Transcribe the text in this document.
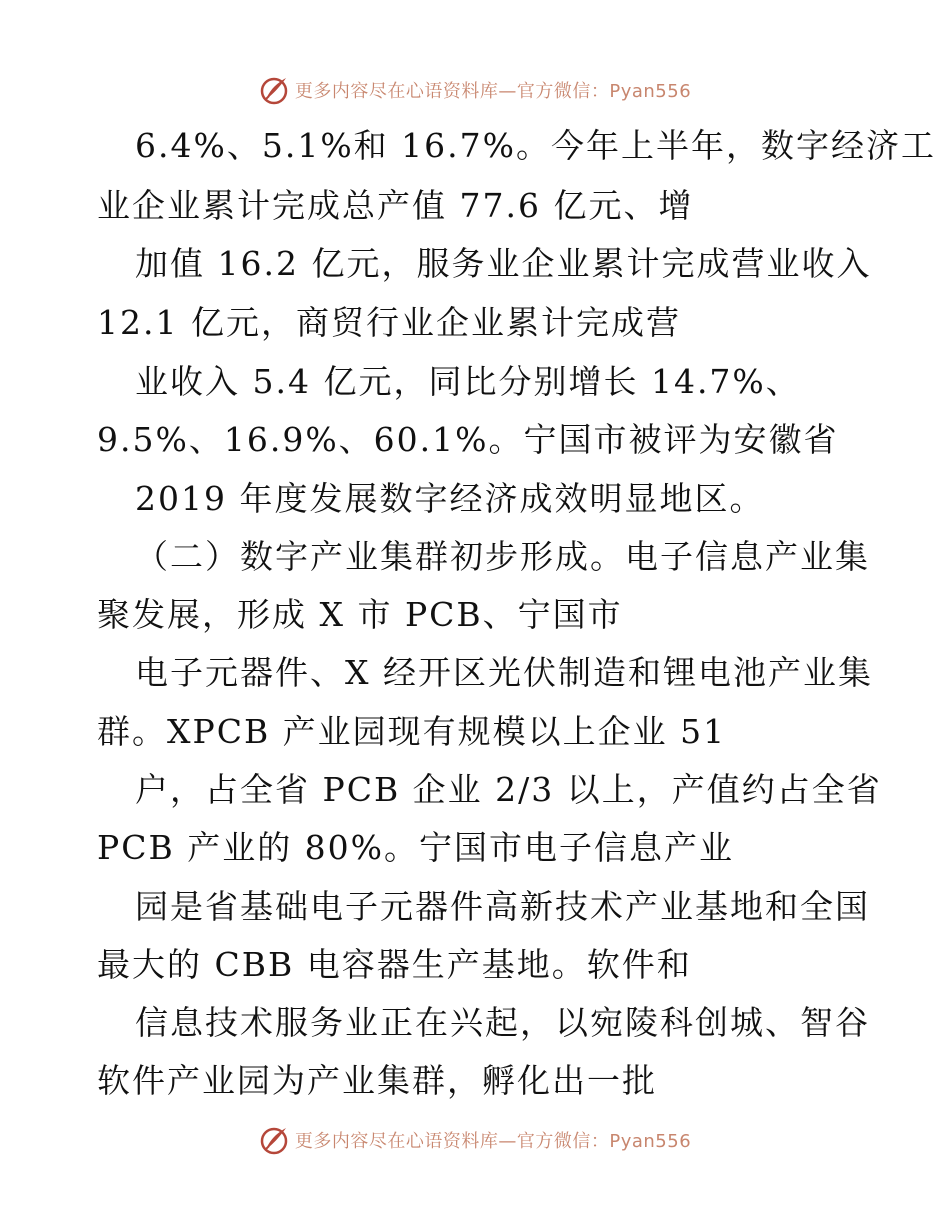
更多内容尽在心语资料库—官方微信：Pyan556
6.4%、5.1%和 16.7%。今年上半年，数字经济工
业企业累计完成总产值 77.6 亿元、增
加值 16.2 亿元，服务业企业累计完成营业收入
12.1 亿元，商贸行业企业累计完成营
业收入 5.4 亿元，同比分别增长 14.7%、
9.5%、16.9%、60.1%。宁国市被评为安徽省
2019 年度发展数字经济成效明显地区。
（二）数字产业集群初步形成。电子信息产业集
聚发展，形成 X 市 PCB、宁国市
电子元器件、X 经开区光伏制造和锂电池产业集
群。XPCB 产业园现有规模以上企业 51
户，占全省 PCB 企业 2/3 以上，产值约占全省
PCB 产业的 80%。宁国市电子信息产业
园是省基础电子元器件高新技术产业基地和全国
最大的 CBB 电容器生产基地。软件和
信息技术服务业正在兴起，以宛陵科创城、智谷
软件产业园为产业集群，孵化出一批
更多内容尽在心语资料库—官方微信：Pyan556
